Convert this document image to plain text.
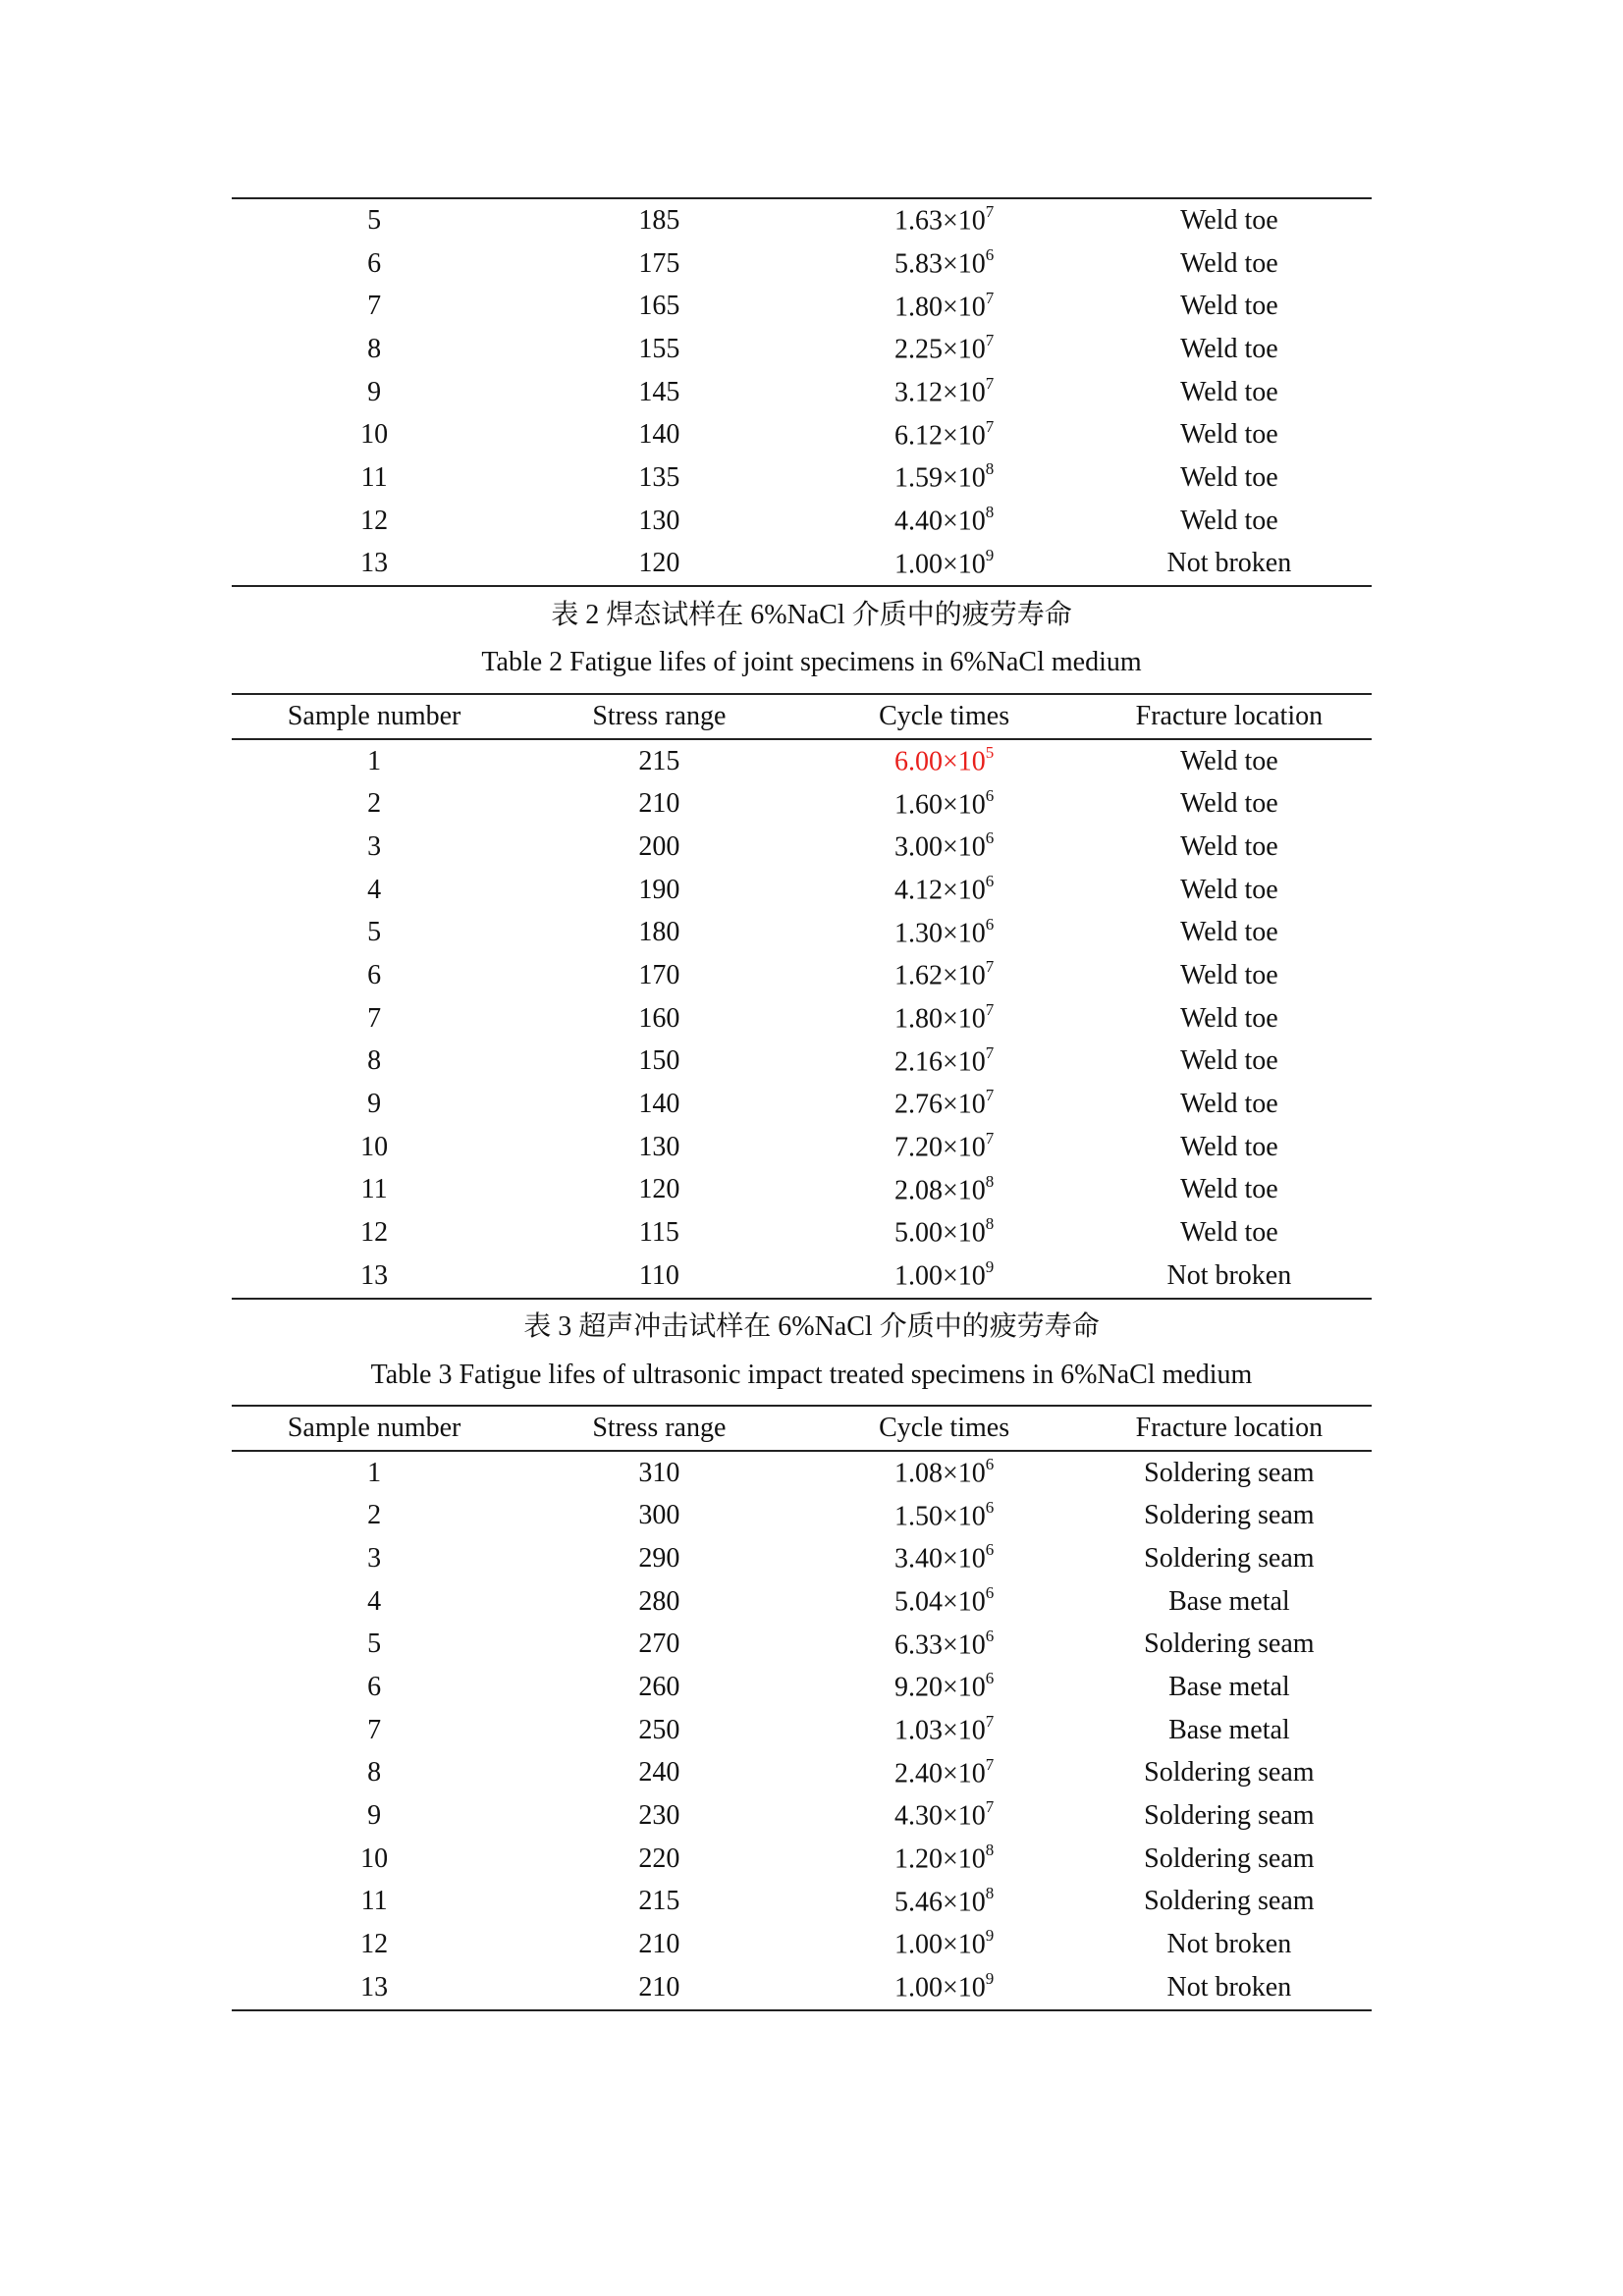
5	185	$1.63\times 10^7$	Weld toe
6	175	$5.83\times 10^6$	Weld toe
7	165	$1.80\times 10^7$	Weld toe
8	155	$2.25\times 10^7$	Weld toe
9	145	$3.12\times 10^7$	Weld toe
10	140	$6.12\times 10^7$	Weld toe
11	135	$1.59\times 10^8$	Weld toe
12	130	$4.40\times 10^8$	Weld toe
13	120	$1.00\times 10^9$	Not broken
表 2 焊态试样在 6%NaCl 介质中的疲劳寿命
Table 2 Fatigue lifes of joint specimens in 6%NaCl medium
Sample number	Stress range	Cycle times	Fracture location
1	215	$6.00\times 10^5$	Weld toe
2	210	$1.60\times 10^6$	Weld toe
3	200	$3.00\times 10^6$	Weld toe
4	190	$4.12\times 10^6$	Weld toe
5	180	$1.30\times 10^6$	Weld toe
6	170	$1.62\times 10^7$	Weld toe
7	160	$1.80\times 10^7$	Weld toe
8	150	$2.16\times 10^7$	Weld toe
9	140	$2.76\times 10^7$	Weld toe
10	130	$7.20\times 10^7$	Weld toe
11	120	$2.08\times 10^8$	Weld toe
12	115	$5.00\times 10^8$	Weld toe
13	110	$1.00\times 10^9$	Not broken
表 3 超声冲击试样在 6%NaCl 介质中的疲劳寿命
Table 3 Fatigue lifes of ultrasonic impact treated specimens in 6%NaCl medium
Sample number	Stress range	Cycle times	Fracture location
1	310	$1.08\times 10^6$	Soldering seam
2	300	$1.50\times 10^6$	Soldering seam
3	290	$3.40\times 10^6$	Soldering seam
4	280	$5.04\times 10^6$	Base metal
5	270	$6.33\times 10^6$	Soldering seam
6	260	$9.20\times 10^6$	Base metal
7	250	$1.03\times 10^7$	Base metal
8	240	$2.40\times 10^7$	Soldering seam
9	230	$4.30\times 10^7$	Soldering seam
10	220	$1.20\times 10^8$	Soldering seam
11	215	$5.46\times 10^8$	Soldering seam
12	210	$1.00\times 10^9$	Not broken
13	210	$1.00\times 10^9$	Not broken
